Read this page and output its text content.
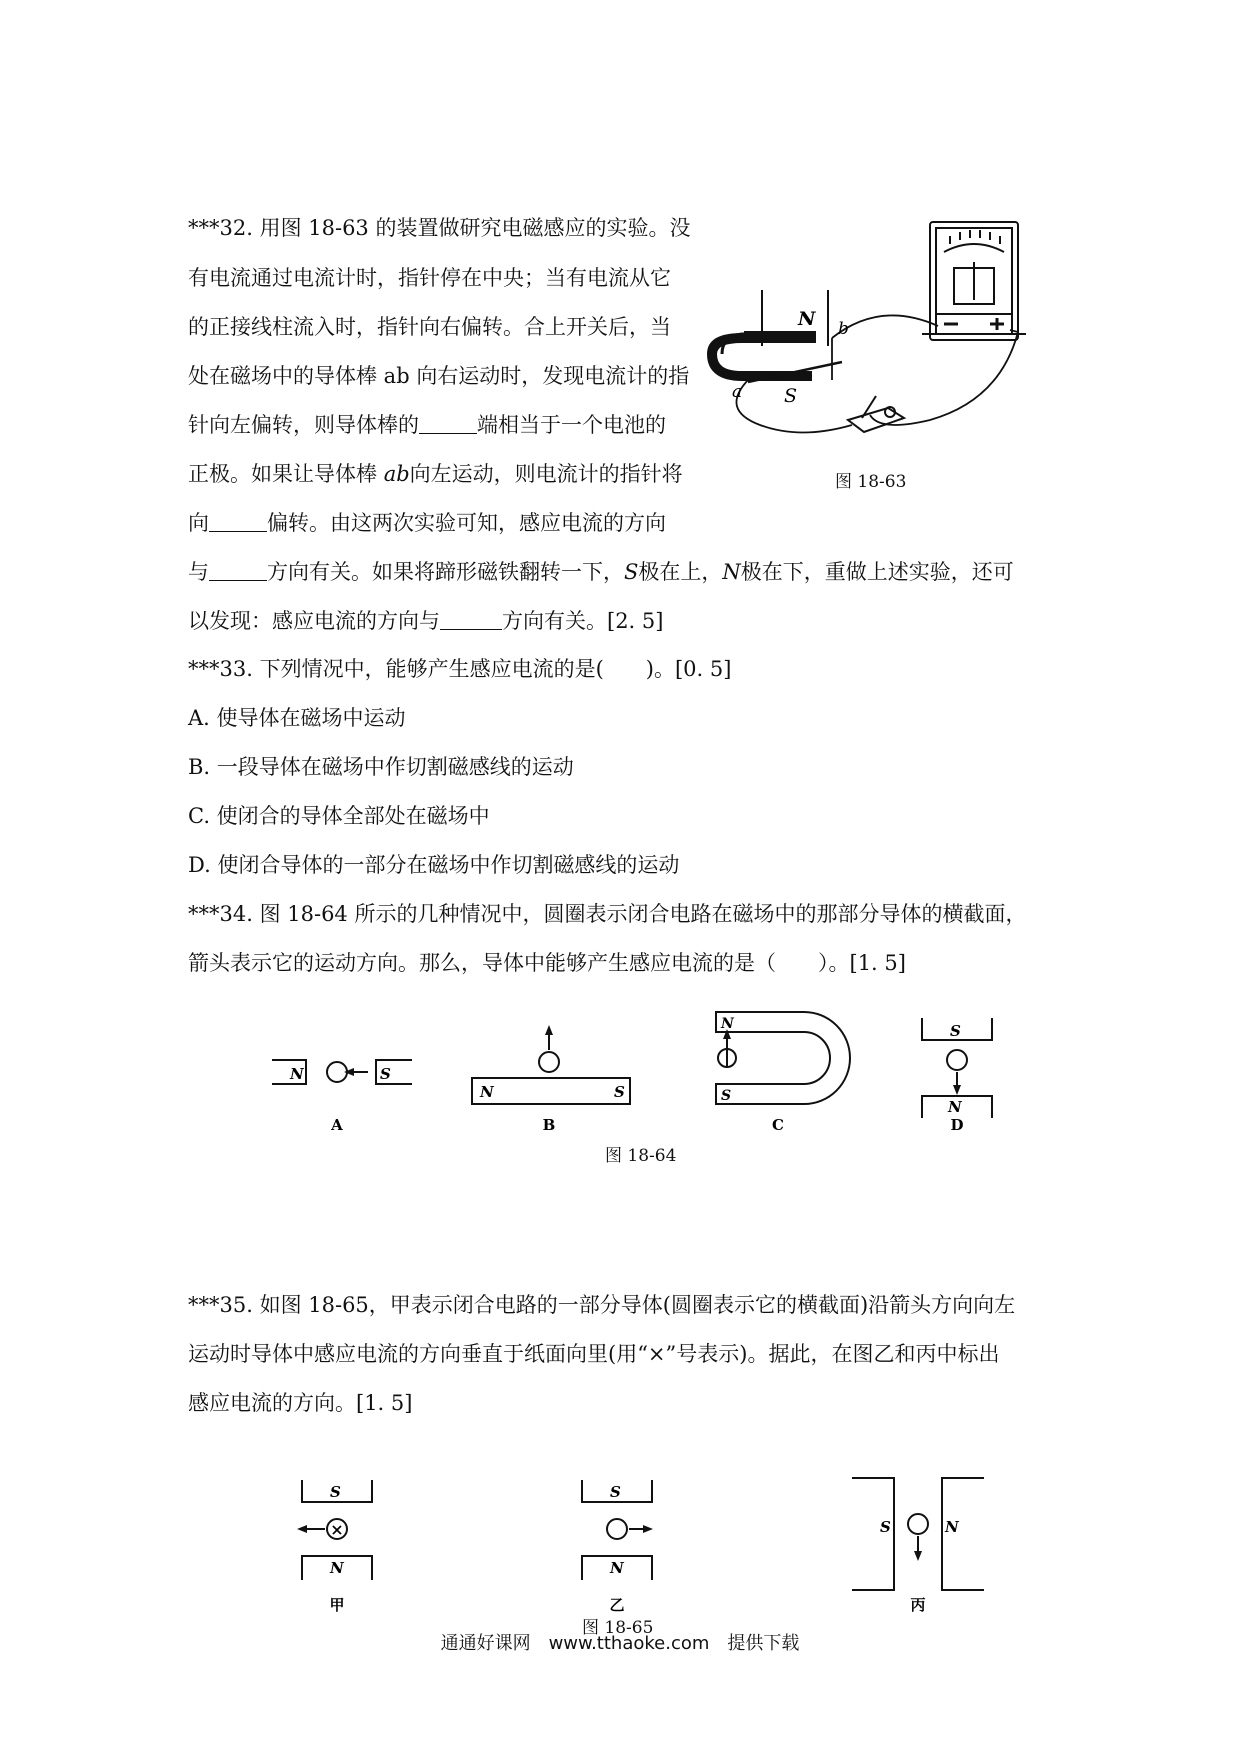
***32. 用图 18-63 的装置做研究电磁感应的实验。没
有电流通过电流计时，指针停在中央；当有电流从它
的正接线柱流入时，指针向右偏转。合上开关后，当
处在磁场中的导体棒 ab 向右运动时，发现电流计的指
针向左偏转，则导体棒的	端相当于一个电池的
正极。如果让导体棒 ab向左运动，则电流计的指针将
向	偏转。由这两次实验可知，感应电流的方向
与	方向有关。如果将蹄形磁铁翻转一下，S极在上，N极在下，重做上述实验，还可
以发现：感应电流的方向与	方向有关。[2. 5]
N
S
a
b
图 18-63
***33. 下列情况中，能够产生感应电流的是(　　)。[0. 5]
A. 使导体在磁场中运动
B. 一段导体在磁场中作切割磁感线的运动
C. 使闭合的导体全部处在磁场中
D. 使闭合导体的一部分在磁场中作切割磁感线的运动
***34. 图 18-64 所示的几种情况中，圆圈表示闭合电路在磁场中的那部分导体的横截面，
箭头表示它的运动方向。那么，导体中能够产生感应电流的是（　　）。[1. 5]
N	S
A
N	S
B
N
S
C
S
N
D
图 18-64
***35. 如图 18-65，甲表示闭合电路的一部分导体(圆圈表示它的横截面)沿箭头方向向左
运动时导体中感应电流的方向垂直于纸面向里(用“×”号表示)。据此，在图乙和丙中标出
感应电流的方向。[1. 5]
×
S
N
甲
S
N
乙
S	N
丙
图 18-65
通通好课网　www.tthaoke.com　提供下载
